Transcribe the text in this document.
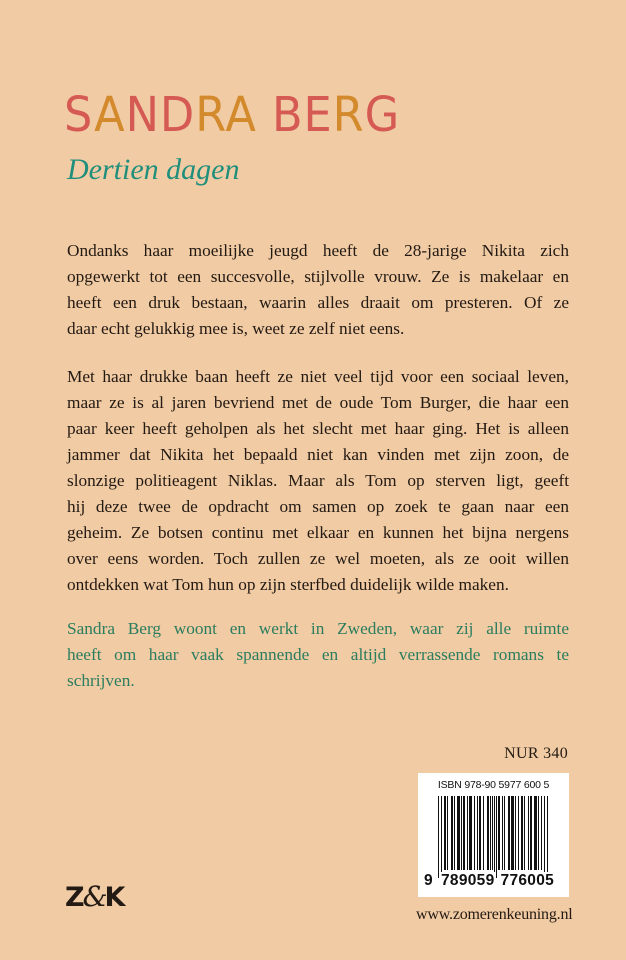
SANDRA BERG
Dertien dagen
Ondanks haar moeilijke jeugd heeft de 28-jarige Nikita zich
opgewerkt tot een succesvolle, stijlvolle vrouw. Ze is makelaar en
heeft een druk bestaan, waarin alles draait om presteren. Of ze
daar echt gelukkig mee is, weet ze zelf niet eens.
Met haar drukke baan heeft ze niet veel tijd voor een sociaal leven,
maar ze is al jaren bevriend met de oude Tom Burger, die haar een
paar keer heeft geholpen als het slecht met haar ging. Het is alleen
jammer dat Nikita het bepaald niet kan vinden met zijn zoon, de
slonzige politieagent Niklas. Maar als Tom op sterven ligt, geeft
hij deze twee de opdracht om samen op zoek te gaan naar een
geheim. Ze botsen continu met elkaar en kunnen het bijna nergens
over eens worden. Toch zullen ze wel moeten, als ze ooit willen
ontdekken wat Tom hun op zijn sterfbed duidelijk wilde maken.
Sandra Berg woont en werkt in Zweden, waar zij alle ruimte
heeft om haar vaak spannende en altijd verrassende romans te
schrijven.
NUR 340
ISBN 978-90 5977 600 5
9 789059 776005
Z&K
www.zomerenkeuning.nl
